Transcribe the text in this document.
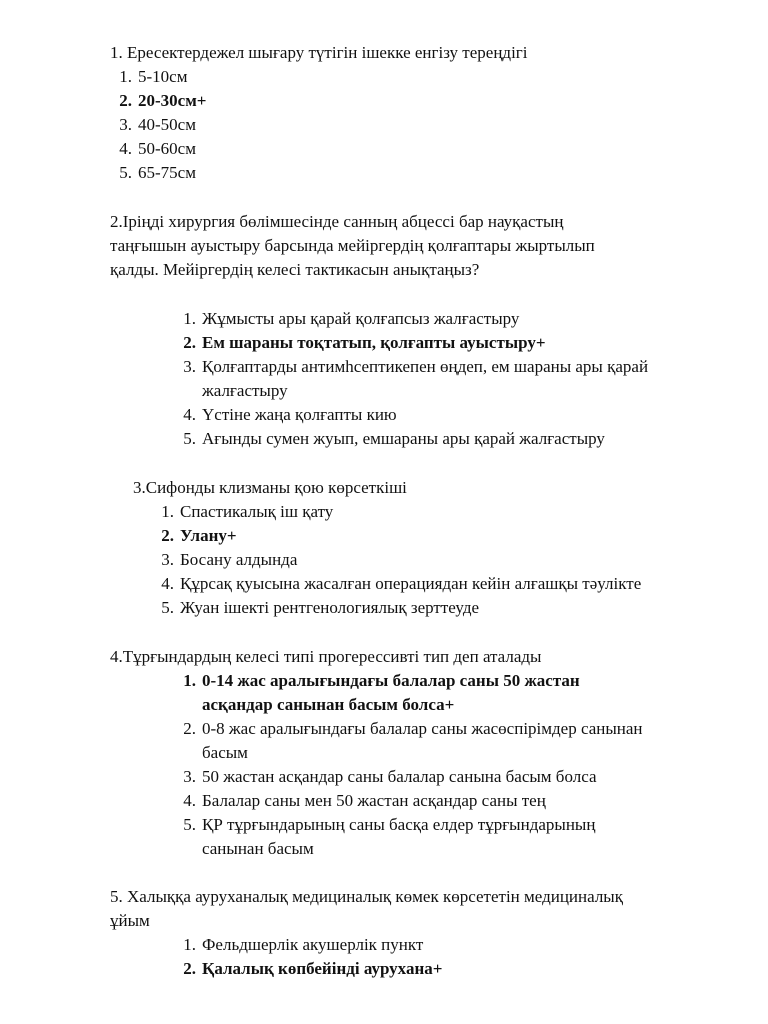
1. Ересектердежел шығару түтігін ішекке енгізу тереңдігі
1. 5-10см
2. 20-30см+
3. 40-50см
4. 50-60см
5. 65-75см
2.Іріңді хирургия бөлімшесінде санның абцессі бар науқастың
таңғышын ауыстыру барсында мейіргердің қолғаптары жыртылып
қалды. Мейіргердің келесі тактикасын анықтаңыз?
1. Жұмысты ары қарай қолғапсыз жалғастыру
2. Ем шараны тоқтатып, қолғапты ауыстыру+
3. Қолғаптарды антимһсептикепен өңдеп, ем шараны ары қарай
жалғастыру
4. Үстіне жаңа қолғапты кию
5. Ағынды сумен жуып, емшараны ары қарай жалғастыру
3.Сифонды клизманы қою көрсеткіші
1. Спастикалық іш қату
2. Улану+
3. Босану алдында
4. Құрсақ қуысына жасалған операциядан кейін алғашқы тәулікте
5. Жуан ішекті рентгенологиялық зерттеуде
4.Тұрғындардың келесі типі прогерессивті тип деп аталады
1. 0-14 жас аралығындағы балалар саны 50 жастан
асқандар санынан басым болса+
2. 0-8 жас аралығындағы балалар саны жасөспірімдер санынан
басым
3. 50 жастан асқандар саны балалар санына басым болса
4. Балалар саны мен 50 жастан асқандар саны тең
5. ҚР тұрғындарының саны басқа елдер тұрғындарының
санынан басым
5. Халыққа ауруханалық медициналық көмек көрсететін медициналық
ұйым
1. Фельдшерлік акушерлік пункт
2. Қалалық көпбейінді аурухана+
